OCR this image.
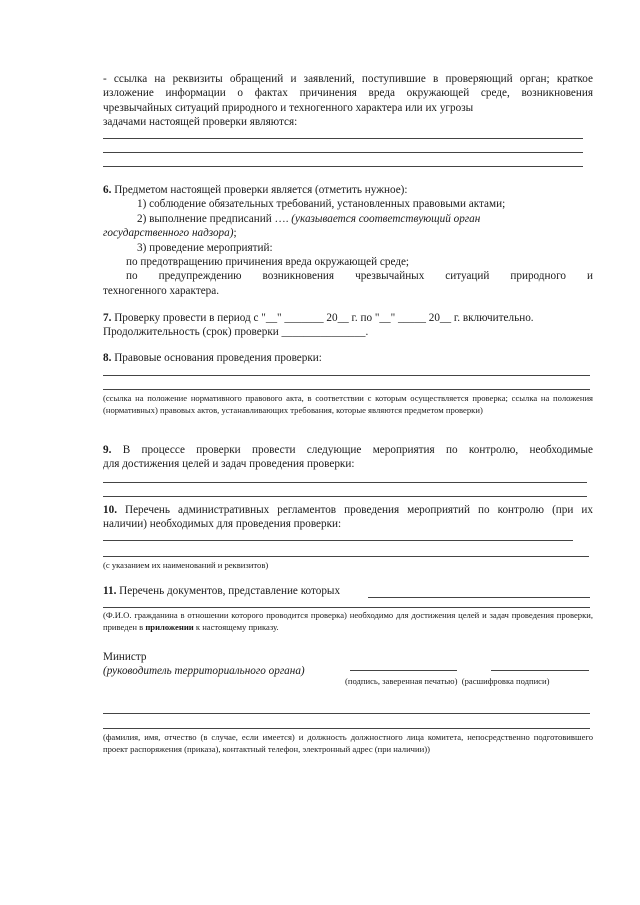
- ссылка на реквизиты обращений и заявлений, поступившие в проверяющий орган; краткое

изложение информации о фактах причинения вреда окружающей среде, возникновения

чрезвычайных ситуаций природного и техногенного характера или их угрозы

задачами настоящей проверки являются:

6. Предметом настоящей проверки является (отметить нужное):

1) соблюдение обязательных требований, установленных правовыми актами;

2) выполнение предписаний …. (указывается соответствующий орган

государственного надзора);

3) проведение мероприятий:

по предотвращению причинения вреда окружающей среде;

по предупреждению возникновения чрезвычайных ситуаций природного и

техногенного характера.

7. Проверку провести в период с "__" _______ 20__ г. по "__" _____ 20__ г. включительно.

Продолжительность (срок) проверки _______________.

8. Правовые основания проведения проверки:

(ссылка на положение нормативного правового акта, в соответствии с которым осуществляется проверка; ссылка на положения (нормативных) правовых актов, устанавливающих требования, которые являются предметом проверки)

9. В процессе проверки провести следующие мероприятия по контролю, необходимые

для достижения целей и задач проведения проверки:

10. Перечень административных регламентов проведения мероприятий по контролю (при их

наличии) необходимых для проведения проверки:

(с указанием их наименований и реквизитов)

11. Перечень документов, представление которых

(Ф.И.О. гражданина в отношении которого проводится проверка) необходимо для достижения целей и задач проведения проверки, приведен в приложении к настоящему приказу.

Министр

(руководитель территориального органа)

(подпись, заверенная печатью) (расшифровка подписи)

(фамилия, имя, отчество (в случае, если имеется) и должность должностного лица комитета, непосредственно подготовившего проект распоряжения (приказа), контактный телефон, электронный адрес (при наличии))
